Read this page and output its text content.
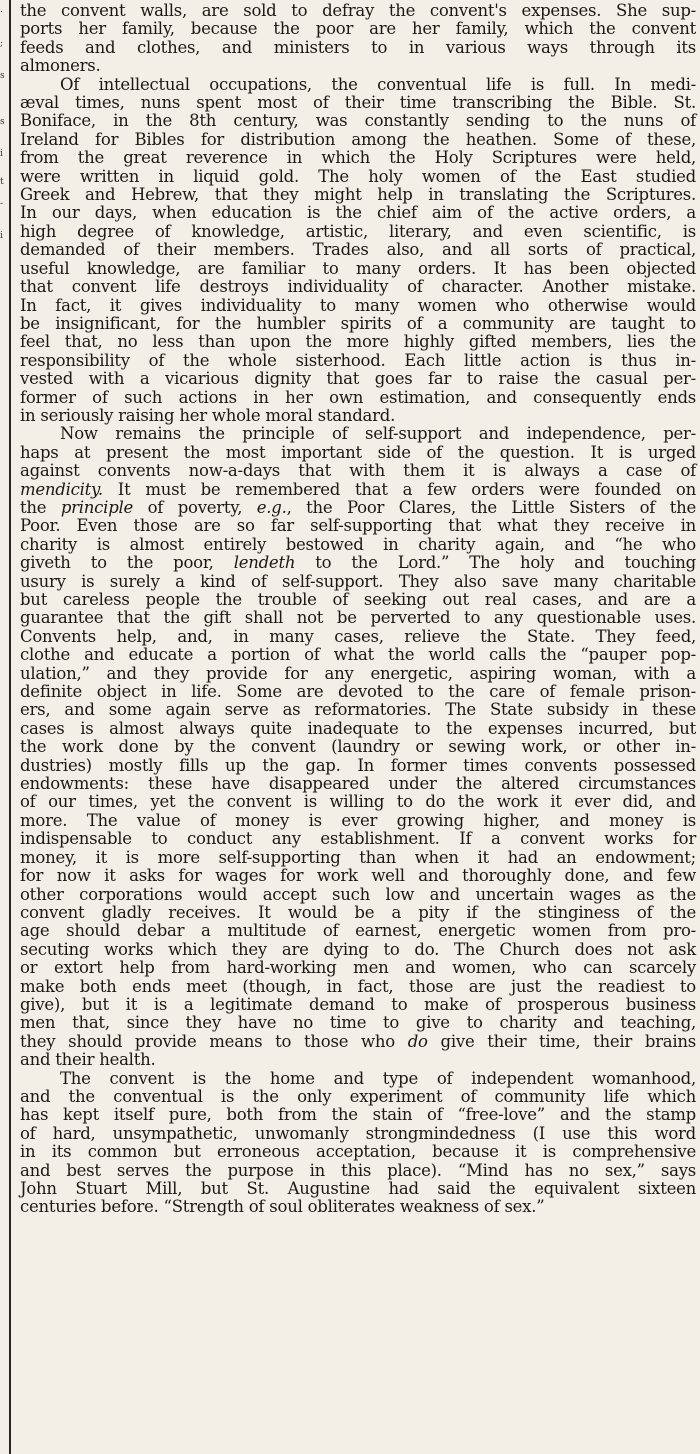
.
;
s
s
i
t
-
i

the convent walls, are sold to defray the convent's expenses. She sup-
ports her family, because the poor are her family, which the convent
feeds and clothes, and ministers to in various ways through its
almoners.

Of intellectual occupations, the conventual life is full. In medi-
æval times, nuns spent most of their time transcribing the Bible. St.
Boniface, in the 8th century, was constantly sending to the nuns of
Ireland for Bibles for distribution among the heathen. Some of these,
from the great reverence in which the Holy Scriptures were held,
were written in liquid gold. The holy women of the East studied
Greek and Hebrew, that they might help in translating the Scriptures.
In our days, when education is the chief aim of the active orders, a
high degree of knowledge, artistic, literary, and even scientific, is
demanded of their members. Trades also, and all sorts of practical,
useful knowledge, are familiar to many orders. It has been objected
that convent life destroys individuality of character. Another mistake.
In fact, it gives individuality to many women who otherwise would
be insignificant, for the humbler spirits of a community are taught to
feel that, no less than upon the more highly gifted members, lies the
responsibility of the whole sisterhood. Each little action is thus in-
vested with a vicarious dignity that goes far to raise the casual per-
former of such actions in her own estimation, and consequently ends
in seriously raising her whole moral standard.

Now remains the principle of self-support and independence, per-
haps at present the most important side of the question. It is urged
against convents now-a-days that with them it is always a case of
mendicity. It must be remembered that a few orders were founded on
the principle of poverty, e.g., the Poor Clares, the Little Sisters of the
Poor. Even those are so far self-supporting that what they receive in
charity is almost entirely bestowed in charity again, and “he who
giveth to the poor, lendeth to the Lord.” The holy and touching
usury is surely a kind of self-support. They also save many charitable
but careless people the trouble of seeking out real cases, and are a
guarantee that the gift shall not be perverted to any questionable uses.
Convents help, and, in many cases, relieve the State. They feed,
clothe and educate a portion of what the world calls the “pauper pop-
ulation,” and they provide for any energetic, aspiring woman, with a
definite object in life. Some are devoted to the care of female prison-
ers, and some again serve as reformatories. The State subsidy in these
cases is almost always quite inadequate to the expenses incurred, but
the work done by the convent (laundry or sewing work, or other in-
dustries) mostly fills up the gap. In former times convents possessed
endowments: these have disappeared under the altered circumstances
of our times, yet the convent is willing to do the work it ever did, and
more. The value of money is ever growing higher, and money is
indispensable to conduct any establishment. If a convent works for
money, it is more self-supporting than when it had an endowment;
for now it asks for wages for work well and thoroughly done, and few
other corporations would accept such low and uncertain wages as the
convent gladly receives. It would be a pity if the stinginess of the
age should debar a multitude of earnest, energetic women from pro-
secuting works which they are dying to do. The Church does not ask
or extort help from hard-working men and women, who can scarcely
make both ends meet (though, in fact, those are just the readiest to
give), but it is a legitimate demand to make of prosperous business
men that, since they have no time to give to charity and teaching,
they should provide means to those who do give their time, their brains
and their health.

The convent is the home and type of independent womanhood,
and the conventual is the only experiment of community life which
has kept itself pure, both from the stain of “free-love” and the stamp
of hard, unsympathetic, unwomanly strongmindedness (I use this word
in its common but erroneous acceptation, because it is comprehensive
and best serves the purpose in this place). “Mind has no sex,” says
John Stuart Mill, but St. Augustine had said the equivalent sixteen
centuries before. “Strength of soul obliterates weakness of sex.”
